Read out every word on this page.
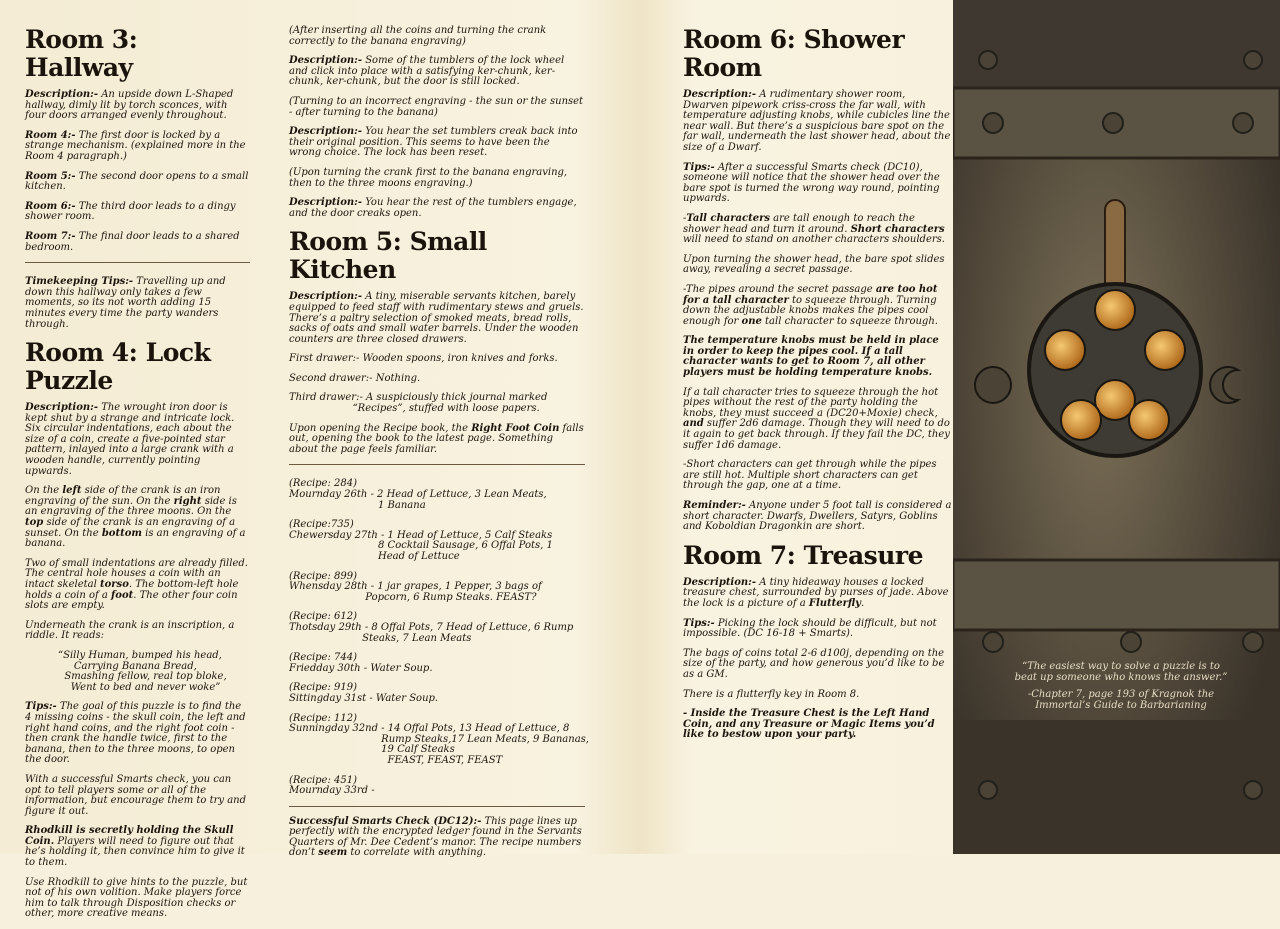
Room 3: Hallway

Description:- An upside down L-Shaped hallway, dimly lit by torch sconces, with four doors arranged evenly throughout.

Room 4:- The first door is locked by a strange mechanism. (explained more in the Room 4 paragraph.)

Room 5:- The second door opens to a small kitchen.

Room 6:- The third door leads to a dingy shower room.

Room 7:- The final door leads to a shared bedroom.

Timekeeping Tips:- Travelling up and down this hallway only takes a few moments, so its not worth adding 15 minutes every time the party wanders through.

Room 4: Lock Puzzle

Description:- The wrought iron door is kept shut by a strange and intricate lock. Six circular indentations, each about the size of a coin, create a five-pointed star pattern, inlayed into a large crank with a wooden handle, currently pointing upwards.

On the left side of the crank is an iron engraving of the sun. On the right side is an engraving of the three moons. On the top side of the crank is an engraving of a sunset. On the bottom is an engraving of a banana.

Two of small indentations are already filled. The central hole houses a coin with an intact skeletal torso. The bottom-left hole holds a coin of a foot. The other four coin slots are empty.

Underneath the crank is an inscription, a riddle. It reads:

“Silly Human, bumped his head,
Carrying Banana Bread,
Smashing fellow, real top bloke,
Went to bed and never woke”

Tips:- The goal of this puzzle is to find the 4 missing coins - the skull coin, the left and right hand coins, and the right foot coin - then crank the handle twice, first to the banana, then to the three moons, to open the door.

With a successful Smarts check, you can opt to tell players some or all of the information, but encourage them to try and figure it out.

Rhodkill is secretly holding the Skull Coin. Players will need to figure out that he’s holding it, then convince him to give it to them.

Use Rhodkill to give hints to the puzzle, but not of his own volition. Make players force him to talk through Disposition checks or other, more creative means.

(After inserting all the coins and turning the crank correctly to the banana engraving)

Description:- Some of the tumblers of the lock wheel and click into place with a satisfying ker-chunk, ker-chunk, ker-chunk, but the door is still locked.

(Turning to an incorrect engraving - the sun or the sunset - after turning to the banana)

Description:- You hear the set tumblers creak back into their original position. This seems to have been the wrong choice. The lock has been reset.

(Upon turning the crank first to the banana engraving, then to the three moons engraving.)

Description:- You hear the rest of the tumblers engage, and the door creaks open.

Room 5: Small Kitchen

Description:- A tiny, miserable servants kitchen, barely equipped to feed staff with rudimentary stews and gruels. There’s a paltry selection of smoked meats, bread rolls, sacks of oats and small water barrels. Under the wooden counters are three closed drawers.

First drawer:- Wooden spoons, iron knives and forks.

Second drawer:- Nothing.

Third drawer:- A suspiciously thick journal marked
“Recipes”, stuffed with loose papers.

Upon opening the Recipe book, the Right Foot Coin falls out, opening the book to the latest page. Something about the page feels familiar.

(Recipe: 284)
Mournday 26th - 2 Head of Lettuce, 3 Lean Meats,
1 Banana
(Recipe:735)
Chewersday 27th - 1 Head of Lettuce, 5 Calf Steaks
8 Cocktail Sausage, 6 Offal Pots, 1
Head of Lettuce
(Recipe: 899)
Whensday 28th - 1 jar grapes, 1 Pepper, 3 bags of
Popcorn, 6 Rump Steaks. FEAST?
(Recipe: 612)
Thotsday 29th - 8 Offal Pots, 7 Head of Lettuce, 6 Rump
Steaks, 7 Lean Meats
(Recipe: 744)
Friedday 30th - Water Soup.
(Recipe: 919)
Sittingday 31st - Water Soup.
(Recipe: 112)
Sunningday 32nd - 14 Offal Pots, 13 Head of Lettuce, 8
Rump Steaks,17 Lean Meats, 9 Bananas,
19 Calf Steaks
FEAST, FEAST, FEAST
(Recipe: 451)
Mournday 33rd -

Successful Smarts Check (DC12):- This page lines up perfectly with the encrypted ledger found in the Servants Quarters of Mr. Dee Cedent’s manor. The recipe numbers don’t seem to correlate with anything.

Room 6: Shower Room

Description:- A rudimentary shower room, Dwarven pipework criss-cross the far wall, with temperature adjusting knobs, while cubicles line the near wall. But there’s a suspicious bare spot on the far wall, underneath the last shower head, about the size of a Dwarf.

Tips:- After a successful Smarts check (DC10), someone will notice that the shower head over the bare spot is turned the wrong way round, pointing upwards.

-Tall characters are tall enough to reach the shower head and turn it around. Short characters will need to stand on another characters shoulders.

Upon turning the shower head, the bare spot slides away, revealing a secret passage.

-The pipes around the secret passage are too hot for a tall character to squeeze through. Turning down the adjustable knobs makes the pipes cool enough for one tall character to squeeze through.

The temperature knobs must be held in place in order to keep the pipes cool. If a tall character wants to get to Room 7, all other players must be holding temperature knobs.

If a tall character tries to squeeze through the hot pipes without the rest of the party holding the knobs, they must succeed a (DC20+Moxie) check, and suffer 2d6 damage. Though they will need to do it again to get back through. If they fail the DC, they suffer 1d6 damage.

-Short characters can get through while the pipes are still hot. Multiple short characters can get through the gap, one at a time.

Reminder:- Anyone under 5 foot tall is considered a short character. Dwarfs, Dwellers, Satyrs, Goblins and Koboldian Dragonkin are short.

Room 7: Treasure

Description:- A tiny hideaway houses a locked treasure chest, surrounded by purses of jade. Above the lock is a picture of a Flutterfly.

Tips:- Picking the lock should be difficult, but not impossible. (DC 16-18 + Smarts).

The bags of coins total 2-6 d100j, depending on the size of the party, and how generous you’d like to be as a GM.

There is a flutterfly key in Room 8.

- Inside the Treasure Chest is the Left Hand Coin, and any Treasure or Magic Items you’d like to bestow upon your party.

“The easiest way to solve a puzzle is to beat up someone who knows the answer.”

-Chapter 7, page 193 of Kragnok the Immortal’s Guide to Barbarianing
